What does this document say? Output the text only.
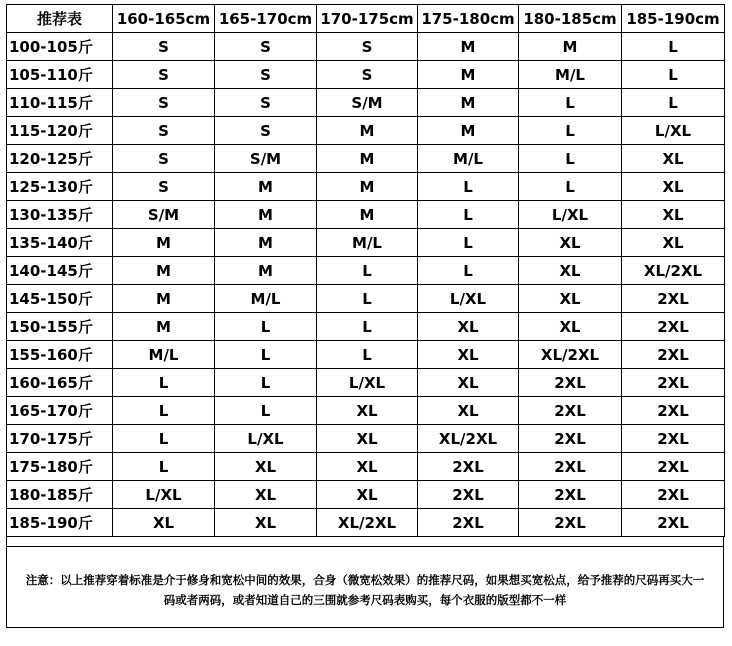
推荐表	160-165cm	165-170cm	170-175cm	175-180cm	180-185cm	185-190cm
100-105斤	S	S	S	M	M	L
105-110斤	S	S	S	M	M/L	L
110-115斤	S	S	S/M	M	L	L
115-120斤	S	S	M	M	L	L/XL
120-125斤	S	S/M	M	M/L	L	XL
125-130斤	S	M	M	L	L	XL
130-135斤	S/M	M	M	L	L/XL	XL
135-140斤	M	M	M/L	L	XL	XL
140-145斤	M	M	L	L	XL	XL/2XL
145-150斤	M	M/L	L	L/XL	XL	2XL
150-155斤	M	L	L	XL	XL	2XL
155-160斤	M/L	L	L	XL	XL/2XL	2XL
160-165斤	L	L	L/XL	XL	2XL	2XL
165-170斤	L	L	XL	XL	2XL	2XL
170-175斤	L	L/XL	XL	XL/2XL	2XL	2XL
175-180斤	L	XL	XL	2XL	2XL	2XL
180-185斤	L/XL	XL	XL	2XL	2XL	2XL
185-190斤	XL	XL	XL/2XL	2XL	2XL	2XL
注意：以上推荐穿着标准是介于修身和宽松中间的效果，合身（微宽松效果）的推荐尺码，如果想买宽松点，给予推荐的尺码再买大一
码或者两码，或者知道自己的三围就参考尺码表购买，每个衣服的版型都不一样
